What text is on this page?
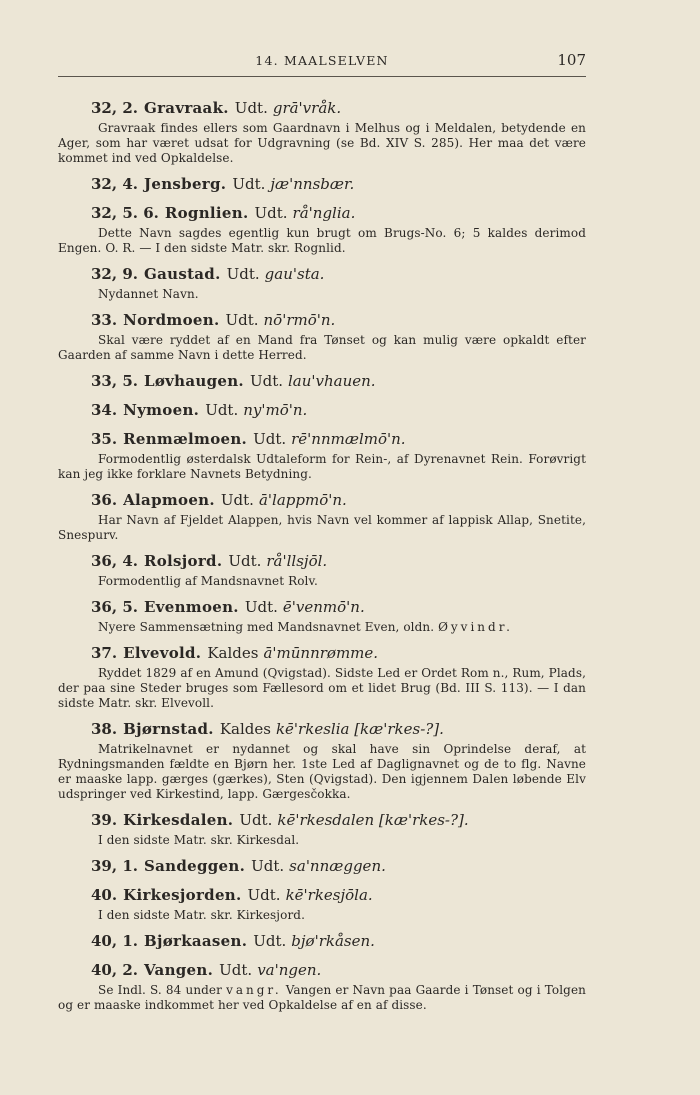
14. MAALSELVEN	107
32, 2. Gravraak. Udt. grā'vråk.
Gravraak findes ellers som Gaardnavn i Melhus og i Meldalen, betydende en Ager, som har været udsat for Udgravning (se Bd. XIV S. 285). Her maa det være kommet ind ved Opkaldelse.
32, 4. Jensberg. Udt. jæ'nnsbær.
32, 5. 6. Rognlien. Udt. rå'nglia.
Dette Navn sagdes egentlig kun brugt om Brugs-No. 6; 5 kaldes derimod Engen. O. R. — I den sidste Matr. skr. Rognlid.
32, 9. Gaustad. Udt. gau'sta.
Nydannet Navn.
33. Nordmoen. Udt. nō'rmō'n.
Skal være ryddet af en Mand fra Tønset og kan mulig være opkaldt efter Gaarden af samme Navn i dette Herred.
33, 5. Løvhaugen. Udt. lau'vhauen.
34. Nymoen. Udt. ny'mō'n.
35. Renmælmoen. Udt. rē'nnmælmō'n.
Formodentlig østerdalsk Udtaleform for Rein-, af Dyrenavnet Rein. Forøvrigt kan jeg ikke forklare Navnets Betydning.
36. Alapmoen. Udt. ā'lappmō'n.
Har Navn af Fjeldet Alappen, hvis Navn vel kommer af lappisk Allap, Snetite, Snespurv.
36, 4. Rolsjord. Udt. rå'llsjōl.
Formodentlig af Mandsnavnet Rolv.
36, 5. Evenmoen. Udt. ē'venmō'n.
Nyere Sammensætning med Mandsnavnet Even, oldn. Øyvindr.
37. Elvevold. Kaldes ā'mūnnrømme.
Ryddet 1829 af en Amund (Qvigstad). Sidste Led er Ordet Rom n., Rum, Plads, der paa sine Steder bruges som Fællesord om et lidet Brug (Bd. III S. 113). — I dan sidste Matr. skr. Elvevoll.
38. Bjørnstad. Kaldes kē'rkeslia [kæ'rkes-?].
Matrikelnavnet er nydannet og skal have sin Oprindelse deraf, at Rydningsmanden fældte en Bjørn her. 1ste Led af Daglignavnet og de to flg. Navne er maaske lapp. gærges (gærkes), Sten (Qvigstad). Den igjennem Dalen løbende Elv udspringer ved Kirkestind, lapp. Gærgesčokka.
39. Kirkesdalen. Udt. kē'rkesdalen [kæ'rkes-?].
I den sidste Matr. skr. Kirkesdal.
39, 1. Sandeggen. Udt. sa'nnæggen.
40. Kirkesjorden. Udt. kē'rkesjōla.
I den sidste Matr. skr. Kirkesjord.
40, 1. Bjørkaasen. Udt. bjø'rkåsen.
40, 2. Vangen. Udt. va'ngen.
Se Indl. S. 84 under vangr. Vangen er Navn paa Gaarde i Tønset og i Tolgen og er maaske indkommet her ved Opkaldelse af en af disse.
